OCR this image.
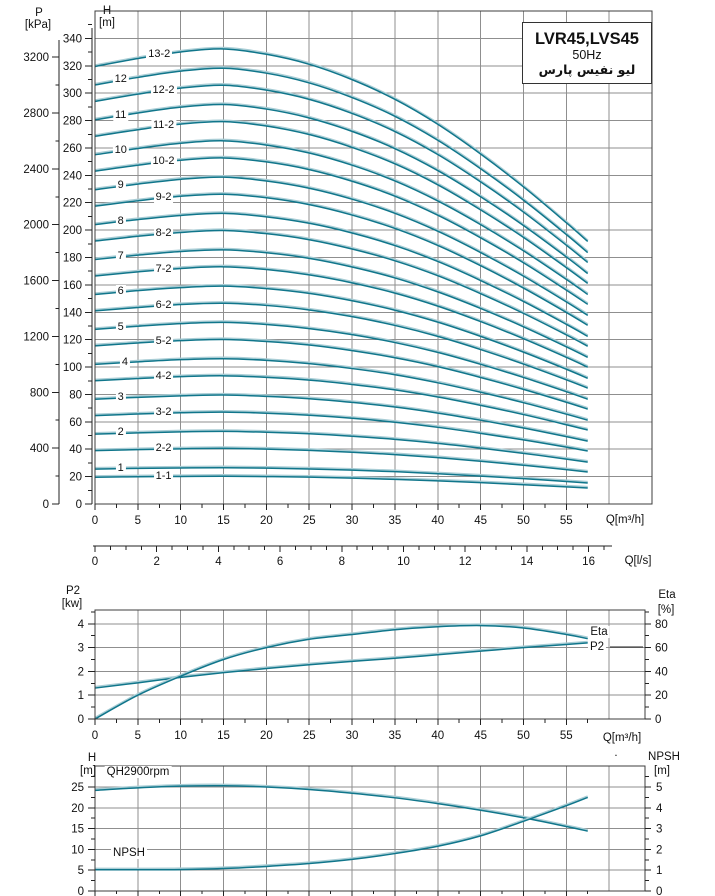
0
20
40
60
80
100
120
140
160
180
200
220
240
260
280
300
320
340
0
400
800
1200
1600
2000
2400
2800
3200
0	5	10	15	20	25	30	35	40	45	50	55
0	2	4	6	8	10	12	14	16
0
1
2
3
4
0
20
40
60
80
0	5	10	15	20	25	30	35	40	45	50	55
0
5
10
15
20
25
0
1
2
3
4
5
P
[kPa]
H
[m]
Q[m³/h]
Q[l/s]
LVR45,LVS45
50Hz
ليو نفيس پارس
P2
[kw]
Eta
[%]
Q[m³/h]
Eta
P2
H
[m]
.	NPSH
[m]
QH2900rpm
NPSH
1-1
1
2-2
2
3-2
3
4-2
4
5-2
5
6-2
6
7-2
7
8-2
8
9-2
9
10-2
10
11-2
11
12-2
12
13-2
